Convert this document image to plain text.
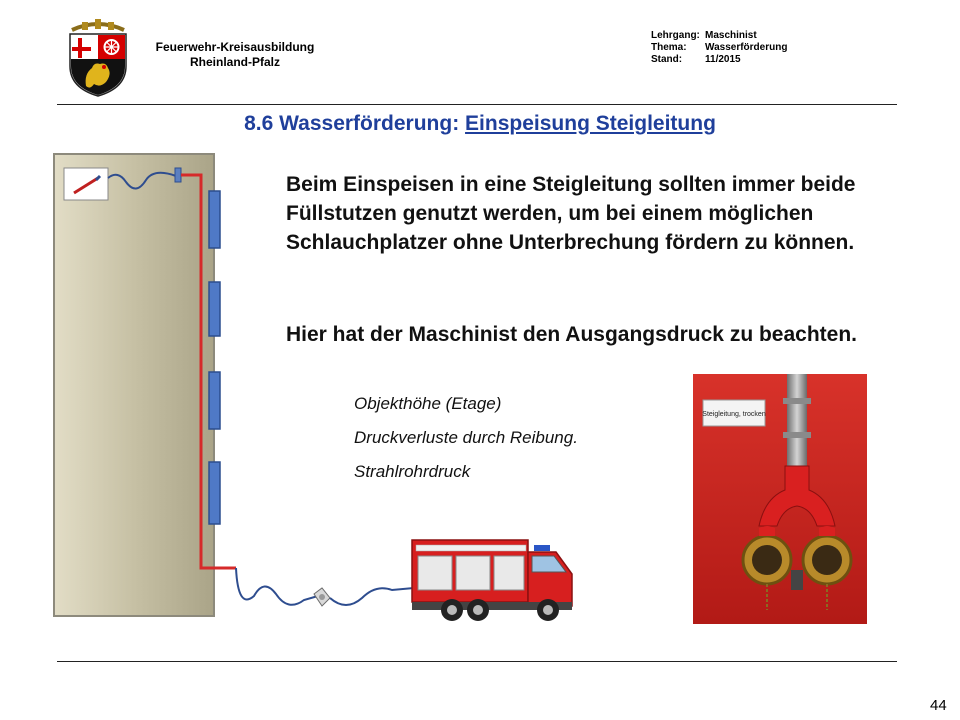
Feuerwehr-Kreisausbildung
Rheinland-Pfalz
Lehrgang: Maschinist
Thema: Wasserförderung
Stand: 11/2015
8.6 Wasserförderung: Einspeisung Steigleitung
Beim Einspeisen in eine Steigleitung sollten immer beide Füllstutzen genutzt werden, um bei einem möglichen Schlauchplatzer ohne Unterbrechung fördern zu können.
Hier hat der Maschinist den Ausgangsdruck zu beachten.
Objekthöhe (Etage)
Druckverluste durch Reibung.
Strahlrohrdruck
Steigleitung, trocken
44
